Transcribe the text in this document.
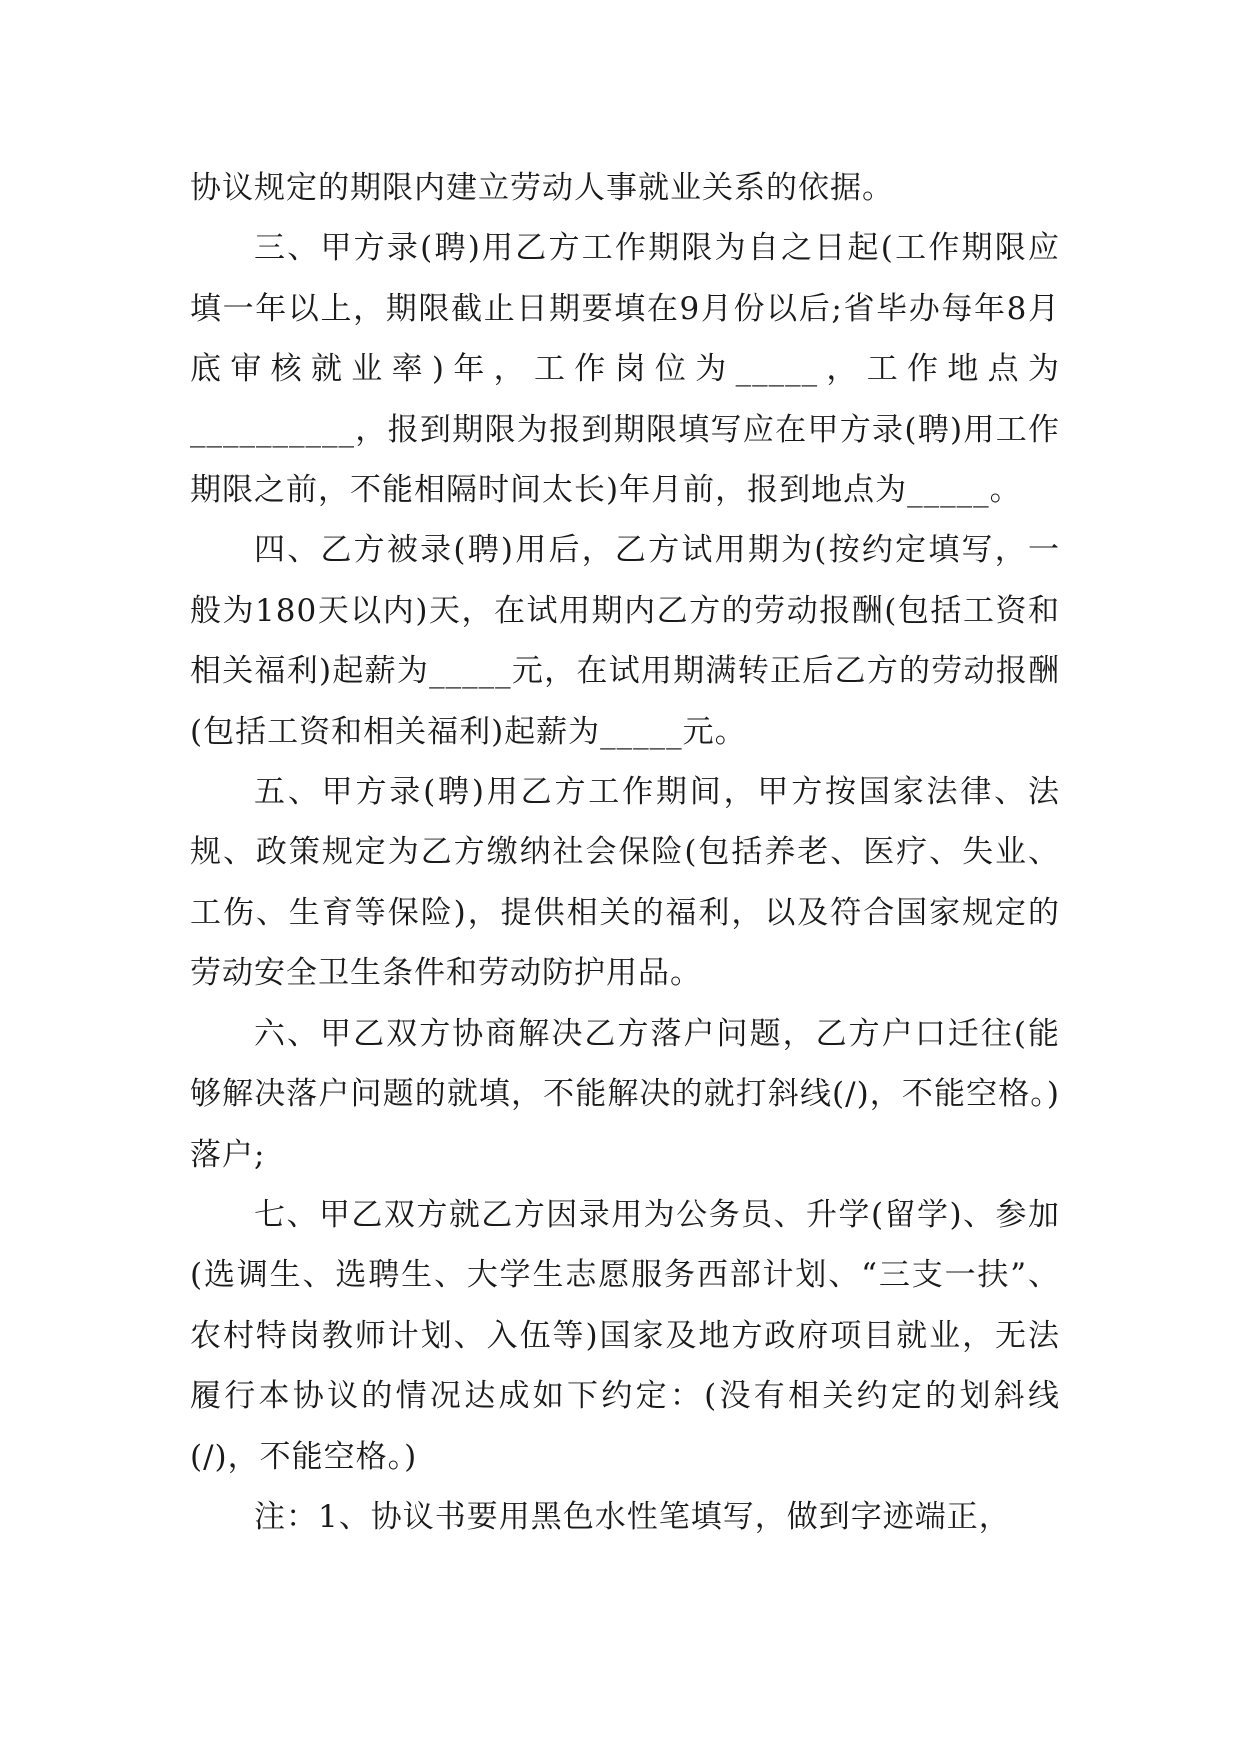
协议规定的期限内建立劳动人事就业关系的依据。

三、甲方录(聘)用乙方工作期限为自之日起(工作期限应填一年以上，期限截止日期要填在9月份以后;省毕办每年8月底审核就业率)年，工作岗位为_____，工作地点为__________，报到期限为报到期限填写应在甲方录(聘)用工作期限之前，不能相隔时间太长)年月前，报到地点为_____。

四、乙方被录(聘)用后，乙方试用期为(按约定填写，一般为180天以内)天，在试用期内乙方的劳动报酬(包括工资和相关福利)起薪为_____元，在试用期满转正后乙方的劳动报酬(包括工资和相关福利)起薪为_____元。

五、甲方录(聘)用乙方工作期间，甲方按国家法律、法规、政策规定为乙方缴纳社会保险(包括养老、医疗、失业、工伤、生育等保险)，提供相关的福利，以及符合国家规定的劳动安全卫生条件和劳动防护用品。

六、甲乙双方协商解决乙方落户问题，乙方户口迁往(能够解决落户问题的就填，不能解决的就打斜线(/)，不能空格。)落户;

七、甲乙双方就乙方因录用为公务员、升学(留学)、参加(选调生、选聘生、大学生志愿服务西部计划、“三支一扶”、农村特岗教师计划、入伍等)国家及地方政府项目就业，无法履行本协议的情况达成如下约定：(没有相关约定的划斜线(/)，不能空格。)

注：1、协议书要用黑色水性笔填写，做到字迹端正，
